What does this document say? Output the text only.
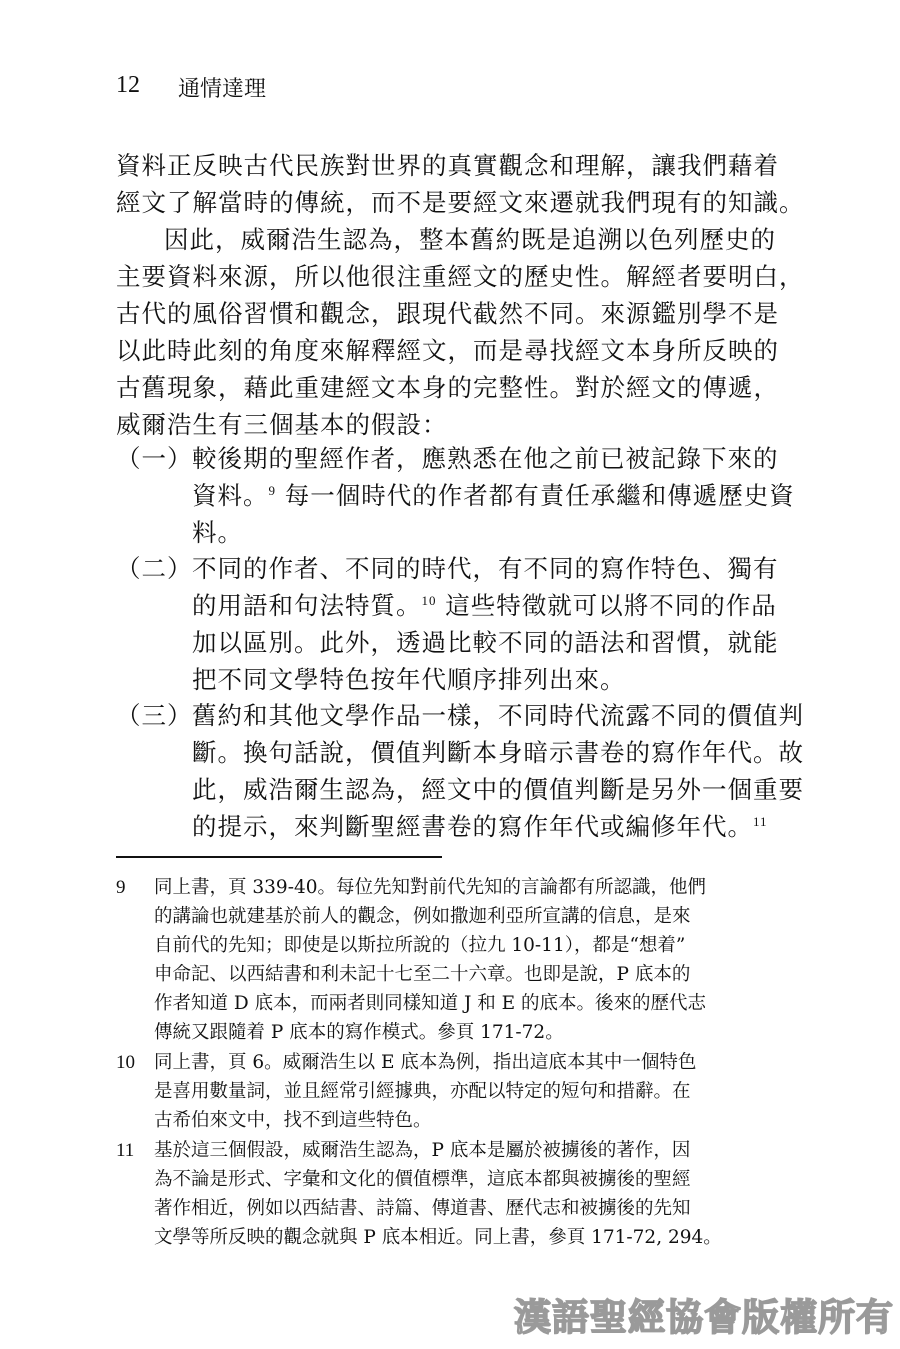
12 通情達理
資料正反映古代民族對世界的真實觀念和理解，讓我們藉着
經文了解當時的傳統，而不是要經文來遷就我們現有的知識。
因此，威爾浩生認為，整本舊約既是追溯以色列歷史的
主要資料來源，所以他很注重經文的歷史性。解經者要明白，
古代的風俗習慣和觀念，跟現代截然不同。來源鑑別學不是
以此時此刻的角度來解釋經文，而是尋找經文本身所反映的
古舊現象，藉此重建經文本身的完整性。對於經文的傳遞，
威爾浩生有三個基本的假設：
（一） 較後期的聖經作者，應熟悉在他之前已被記錄下來的
資料。$^9$ 每一個時代的作者都有責任承繼和傳遞歷史資
料。
（二） 不同的作者、不同的時代，有不同的寫作特色、獨有
的用語和句法特質。$^{10}$ 這些特徵就可以將不同的作品
加以區別。此外，透過比較不同的語法和習慣，就能
把不同文學特色按年代順序排列出來。
（三） 舊約和其他文學作品一樣，不同時代流露不同的價值判
斷。換句話說，價值判斷本身暗示書卷的寫作年代。故
此，威浩爾生認為，經文中的價值判斷是另外一個重要
的提示，來判斷聖經書卷的寫作年代或編修年代。$^{11}$
9 同上書，頁 339-40。每位先知對前代先知的言論都有所認識，他們
的講論也就建基於前人的觀念，例如撒迦利亞所宣講的信息，是來
自前代的先知；即使是以斯拉所說的（拉九 10-11），都是“想着”
申命記、以西結書和利未記十七至二十六章。也即是說，P 底本的
作者知道 D 底本，而兩者則同樣知道 J 和 E 的底本。後來的歷代志
傳統又跟隨着 P 底本的寫作模式。參頁 171-72。
10 同上書，頁 6。威爾浩生以 E 底本為例，指出這底本其中一個特色
是喜用數量詞，並且經常引經據典，亦配以特定的短句和措辭。在
古希伯來文中，找不到這些特色。
11 基於這三個假設，威爾浩生認為，P 底本是屬於被擄後的著作，因
為不論是形式、字彙和文化的價值標準，這底本都與被擄後的聖經
著作相近，例如以西結書、詩篇、傳道書、歷代志和被擄後的先知
文學等所反映的觀念就與 P 底本相近。同上書，參頁 171-72, 294。
漢語聖經協會版權所有
